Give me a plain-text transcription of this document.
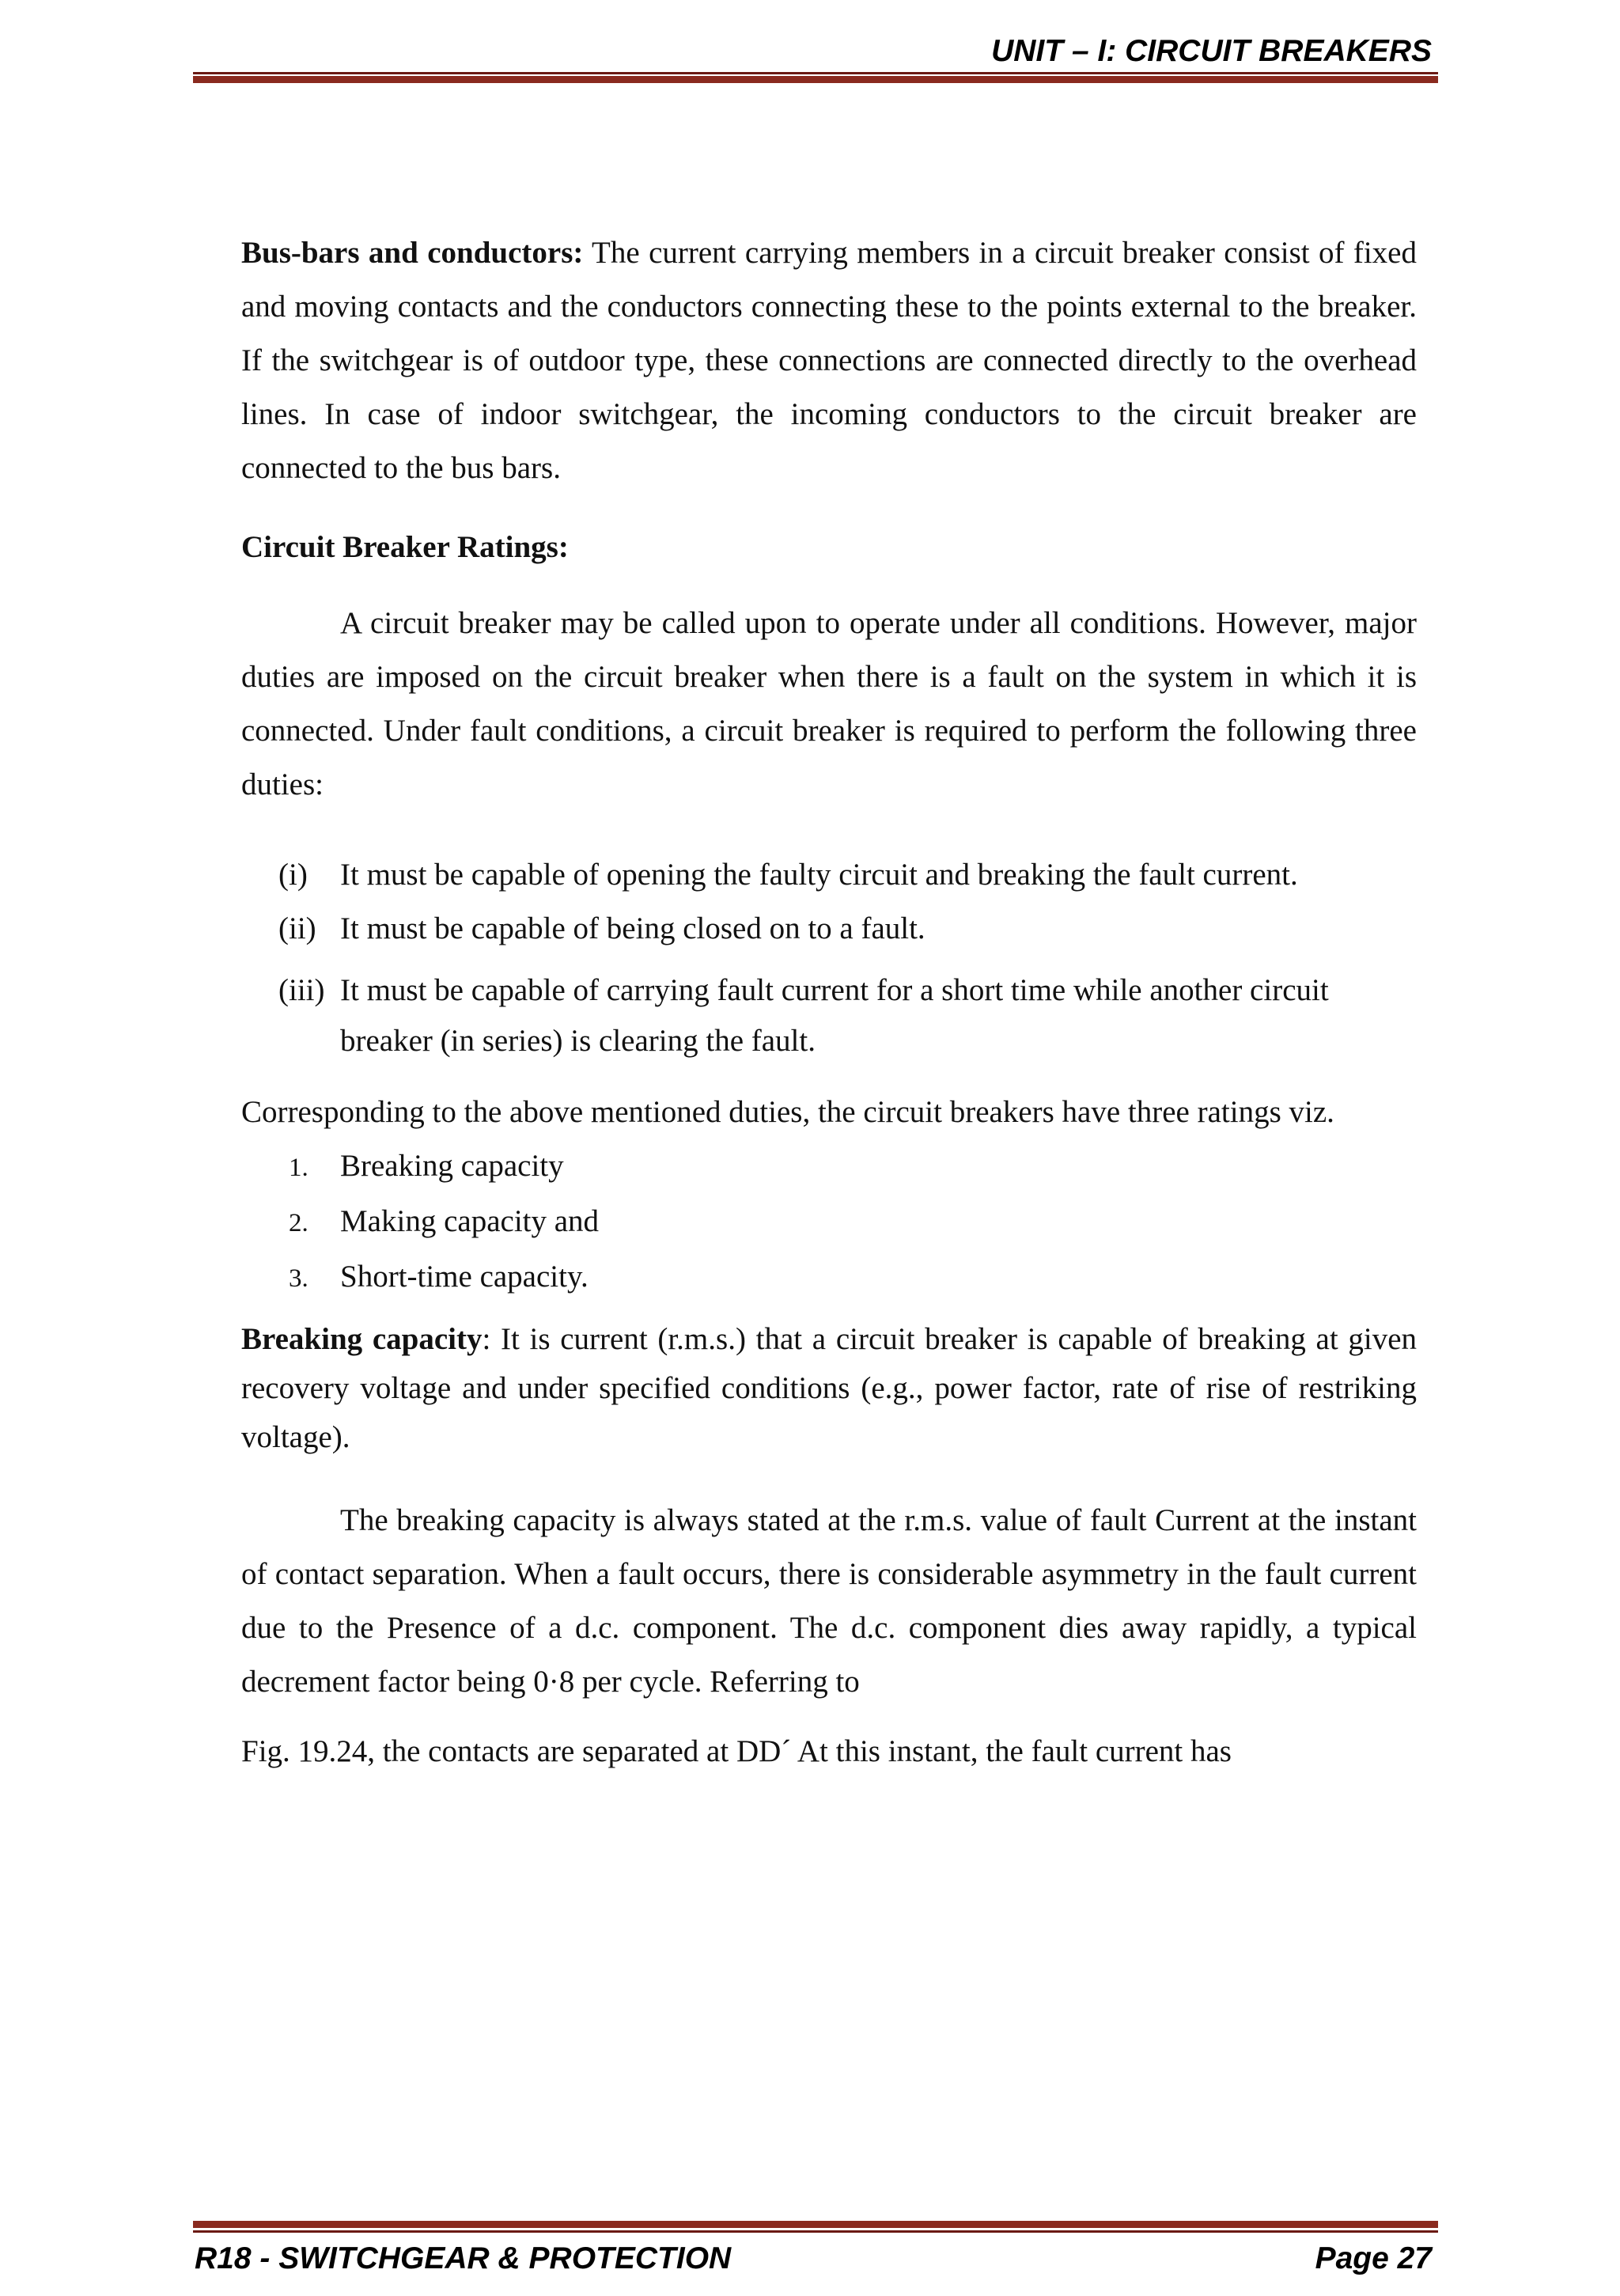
UNIT – I: CIRCUIT BREAKERS

Bus-bars and conductors: The current carrying members in a circuit breaker consist of fixed and moving contacts and the conductors connecting these to the points external to the breaker. If the switchgear is of outdoor type, these connections are connected directly to the overhead lines. In case of indoor switchgear, the incoming conductors to the circuit breaker are connected to the bus bars.

Circuit Breaker Ratings:

A circuit breaker may be called upon to operate under all conditions. However, major duties are imposed on the circuit breaker when there is a fault on the system in which it is connected. Under fault conditions, a circuit breaker is required to perform the following three duties:

(i) It must be capable of opening the faulty circuit and breaking the fault current.
(ii) It must be capable of being closed on to a fault.
(iii) It must be capable of carrying fault current for a short time while another circuit breaker (in series) is clearing the fault.

Corresponding to the above mentioned duties, the circuit breakers have three ratings viz.

1. Breaking capacity
2. Making capacity and
3. Short-time capacity.

Breaking capacity: It is current (r.m.s.) that a circuit breaker is capable of breaking at given recovery voltage and under specified conditions (e.g., power factor, rate of rise of restriking voltage).

The breaking capacity is always stated at the r.m.s. value of fault Current at the instant of contact separation. When a fault occurs, there is considerable asymmetry in the fault current due to the Presence of a d.c. component. The d.c. component dies away rapidly, a typical decrement factor being 0·8 per cycle. Referring to

Fig. 19.24, the contacts are separated at DD´ At this instant, the fault current has

R18 - SWITCHGEAR & PROTECTION	Page 27
